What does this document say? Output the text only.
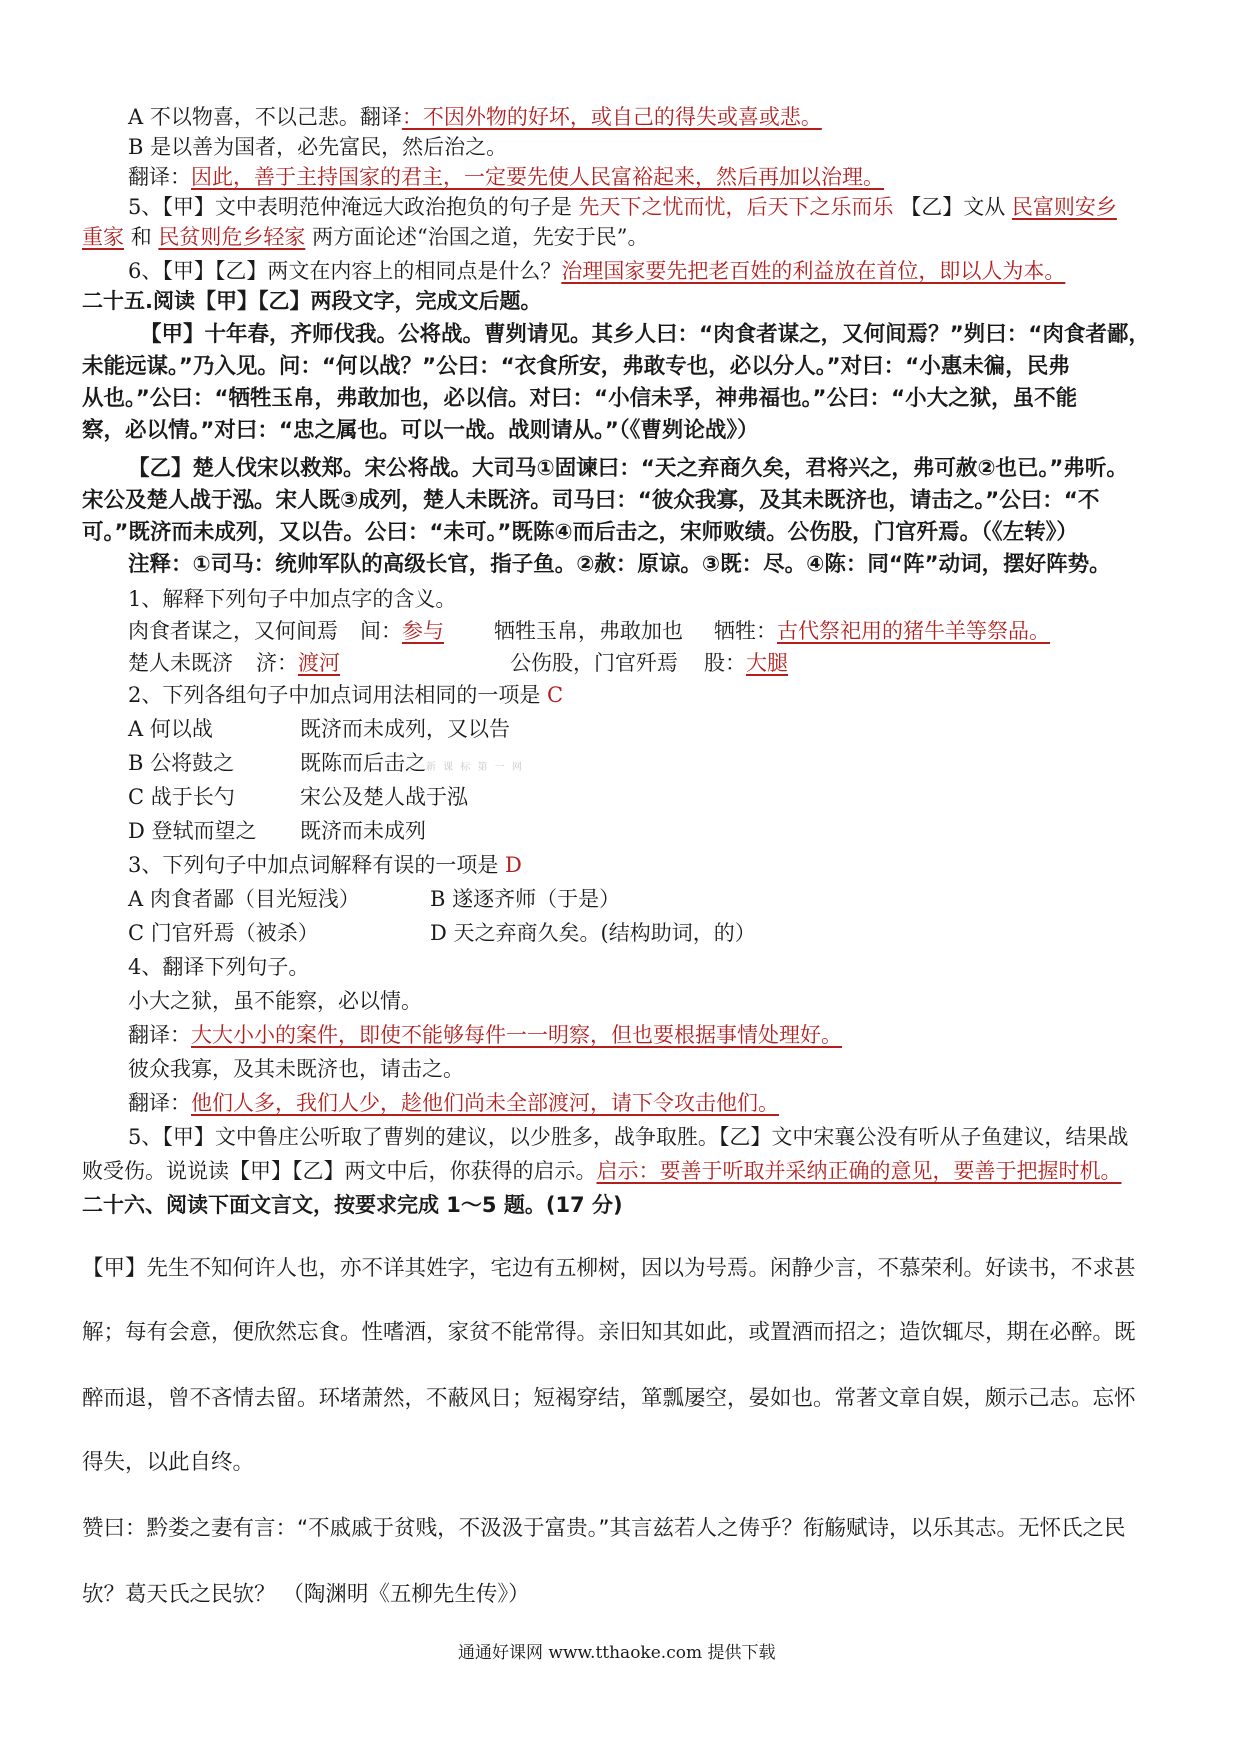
A 不以物喜，不以己悲。翻译：不因外物的好坏，或自己的得失或喜或悲。
B 是以善为国者，必先富民，然后治之。
翻译：因此，善于主持国家的君主，一定要先使人民富裕起来，然后再加以治理。
5、【甲】文中表明范仲淹远大政治抱负的句子是 先天下之忧而忧，后天下之乐而乐 【乙】文从 民富则安乡
重家 和 民贫则危乡轻家 两方面论述“治国之道，先安于民”。
6、【甲】【乙】两文在内容上的相同点是什么？治理国家要先把老百姓的利益放在首位，即以人为本。
二十五.阅读【甲】【乙】两段文字，完成文后题。
【甲】十年春，齐师伐我。公将战。曹刿请见。其乡人曰：“肉食者谋之，又何间焉？”刿曰：“肉食者鄙，
未能远谋。”乃入见。问：“何以战？”公曰：“衣食所安，弗敢专也，必以分人。”对曰：“小惠未徧，民弗
从也。”公曰：“牺牲玉帛，弗敢加也，必以信。对曰：“小信未孚，神弗福也。”公曰：“小大之狱，虽不能
察，必以情。”对曰：“忠之属也。可以一战。战则请从。”（《曹刿论战》）
【乙】楚人伐宋以救郑。宋公将战。大司马①固谏曰：“天之弃商久矣，君将兴之，弗可赦②也已。”弗听。
宋公及楚人战于泓。宋人既③成列，楚人未既济。司马曰：“彼众我寡，及其未既济也，请击之。”公曰：“不
可。”既济而未成列，又以告。公曰：“未可。”既陈④而后击之，宋师败绩。公伤股，门官歼焉。（《左转》）
注释：①司马：统帅军队的高级长官，指子鱼。②赦：原谅。③既：尽。④陈：同“阵”动词，摆好阵势。
1、解释下列句子中加点字的含义。
肉食者谋之，又何间焉 间：参与 牺牲玉帛，弗敢加也 牺牲：古代祭祀用的猪牛羊等祭品。
楚人未既济 济：渡河	公伤股，门官歼焉 股：大腿
2、下列各组句子中加点词用法相同的一项是 C
A 何以战	既济而未成列，又以告
B 公将鼓之	既陈而后击之新 课 标 第 一 网
C 战于长勺	宋公及楚人战于泓
D 登轼而望之 既济而未成列
3、下列句子中加点词解释有误的一项是 D
A 肉食者鄙（目光短浅）	B 遂逐齐师（于是）
C 门官歼焉（被杀）	D 天之弃商久矣。(结构助词，的）
4、翻译下列句子。
小大之狱，虽不能察，必以情。
翻译：大大小小的案件，即使不能够每件一一明察，但也要根据事情处理好。
彼众我寡，及其未既济也，请击之。
翻译：他们人多，我们人少，趁他们尚未全部渡河，请下令攻击他们。
5、【甲】文中鲁庄公听取了曹刿的建议，以少胜多，战争取胜。【乙】文中宋襄公没有听从子鱼建议，结果战
败受伤。说说读【甲】【乙】两文中后，你获得的启示。启示：要善于听取并采纳正确的意见，要善于把握时机。
二十六、阅读下面文言文，按要求完成 1～5 题。(17 分)
【甲】先生不知何许人也，亦不详其姓字，宅边有五柳树，因以为号焉。闲静少言，不慕荣利。好读书，不求甚
解；每有会意，便欣然忘食。性嗜酒，家贫不能常得。亲旧知其如此，或置酒而招之；造饮辄尽，期在必醉。既
醉而退，曾不吝情去留。环堵萧然，不蔽风日；短褐穿结，箪瓢屡空，晏如也。常著文章自娱，颇示己志。忘怀
得失，以此自终。
赞曰：黔娄之妻有言：“不戚戚于贫贱，不汲汲于富贵。”其言兹若人之俦乎？衔觞赋诗，以乐其志。无怀氏之民
欤？葛天氏之民欤？ （陶渊明《五柳先生传》）
通通好课网 www.tthaoke.com 提供下载
